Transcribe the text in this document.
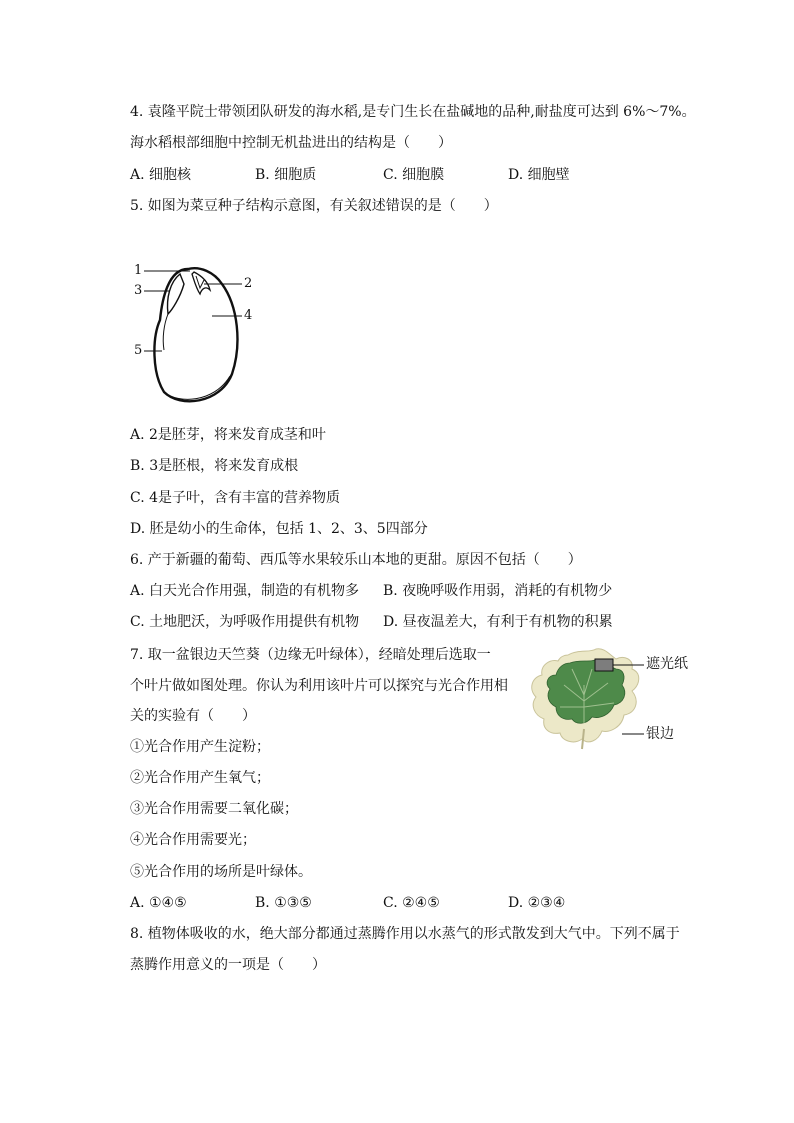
4. 袁隆平院士带领团队研发的海水稻,是专门生长在盐碱地的品种,耐盐度可达到 6%～7%。
海水稻根部细胞中控制无机盐进出的结构是（　　）
A. 细胞核	B. 细胞质	C. 细胞膜	D. 细胞壁
5. 如图为菜豆种子结构示意图，有关叙述错误的是（　　）
1
2
3
4
5
A. 2是胚芽，将来发育成茎和叶
B. 3是胚根，将来发育成根
C. 4是子叶，含有丰富的营养物质
D. 胚是幼小的生命体，包括 1、2、3、5四部分
6. 产于新疆的葡萄、西瓜等水果较乐山本地的更甜。原因不包括（　　）
A. 白天光合作用强，制造的有机物多 B. 夜晚呼吸作用弱，消耗的有机物少
C. 土地肥沃，为呼吸作用提供有机物 D. 昼夜温差大，有利于有机物的积累
7. 取一盆银边天竺葵（边缘无叶绿体），经暗处理后选取一
个叶片做如图处理。你认为利用该叶片可以探究与光合作用相
关的实验有（　　）
①光合作用产生淀粉；
②光合作用产生氧气；
③光合作用需要二氧化碳；
④光合作用需要光；
⑤光合作用的场所是叶绿体。
遮光纸
银边
A. ①④⑤	B. ①③⑤	C. ②④⑤	D. ②③④
8. 植物体吸收的水，绝大部分都通过蒸腾作用以水蒸气的形式散发到大气中。下列不属于
蒸腾作用意义的一项是（　　）
